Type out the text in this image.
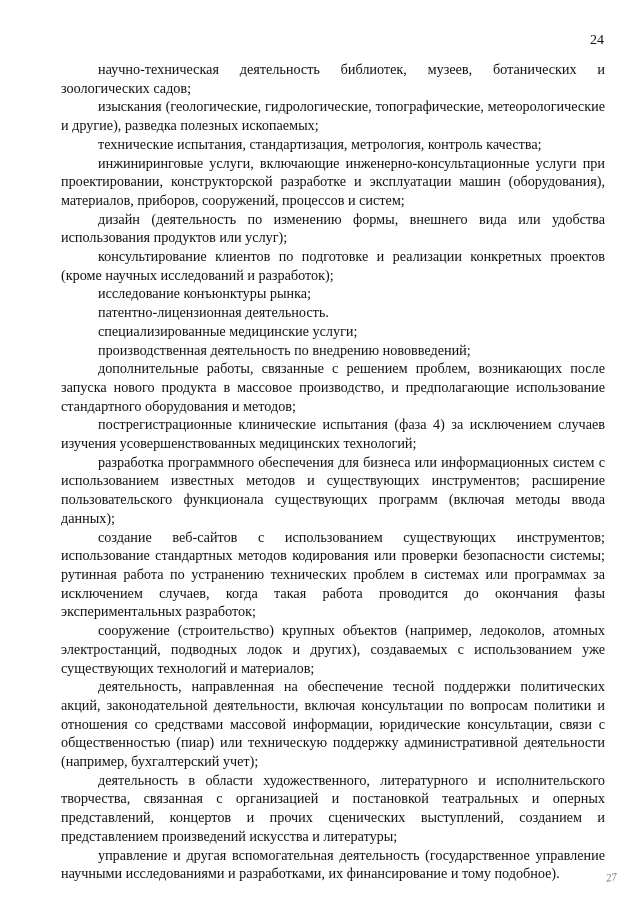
24

научно-техническая деятельность библиотек, музеев, ботанических и зоологических садов;

изыскания (геологические, гидрологические, топографические, метеорологические и другие), разведка полезных ископаемых;

технические испытания, стандартизация, метрология, контроль качества;

инжиниринговые услуги, включающие инженерно-консультационные услуги при проектировании, конструкторской разработке и эксплуатации машин (оборудования), материалов, приборов, сооружений, процессов и систем;

дизайн (деятельность по изменению формы, внешнего вида или удобства использования продуктов или услуг);

консультирование клиентов по подготовке и реализации конкретных проектов (кроме научных исследований и разработок);

исследование конъюнктуры рынка;

патентно-лицензионная деятельность.

специализированные медицинские услуги;

производственная деятельность по внедрению нововведений;

дополнительные работы, связанные с решением проблем, возникающих после запуска нового продукта в массовое производство, и предполагающие использование стандартного оборудования и методов;

пострегистрационные клинические испытания (фаза 4) за исключением случаев изучения усовершенствованных медицинских технологий;

разработка программного обеспечения для бизнеса или информационных систем с использованием известных методов и существующих инструментов; расширение пользовательского функционала существующих программ (включая методы ввода данных);

создание веб-сайтов с использованием существующих инструментов; использование стандартных методов кодирования или проверки безопасности системы; рутинная работа по устранению технических проблем в системах или программах за исключением случаев, когда такая работа проводится до окончания фазы экспериментальных разработок;

сооружение (строительство) крупных объектов (например, ледоколов, атомных электростанций, подводных лодок и других), создаваемых с использованием уже существующих технологий и материалов;

деятельность, направленная на обеспечение тесной поддержки политических акций, законодательной деятельности, включая консультации по вопросам политики и отношения со средствами массовой информации, юридические консультации, связи с общественностью (пиар) или техническую поддержку административной деятельности (например, бухгалтерский учет);

деятельность в области художественного, литературного и исполнительского творчества, связанная с организацией и постановкой театральных и оперных представлений, концертов и прочих сценических выступлений, созданием и представлением произведений искусства и литературы;

управление и другая вспомогательная деятельность (государственное управление научными исследованиями и разработками, их финансирование и тому подобное).	27
